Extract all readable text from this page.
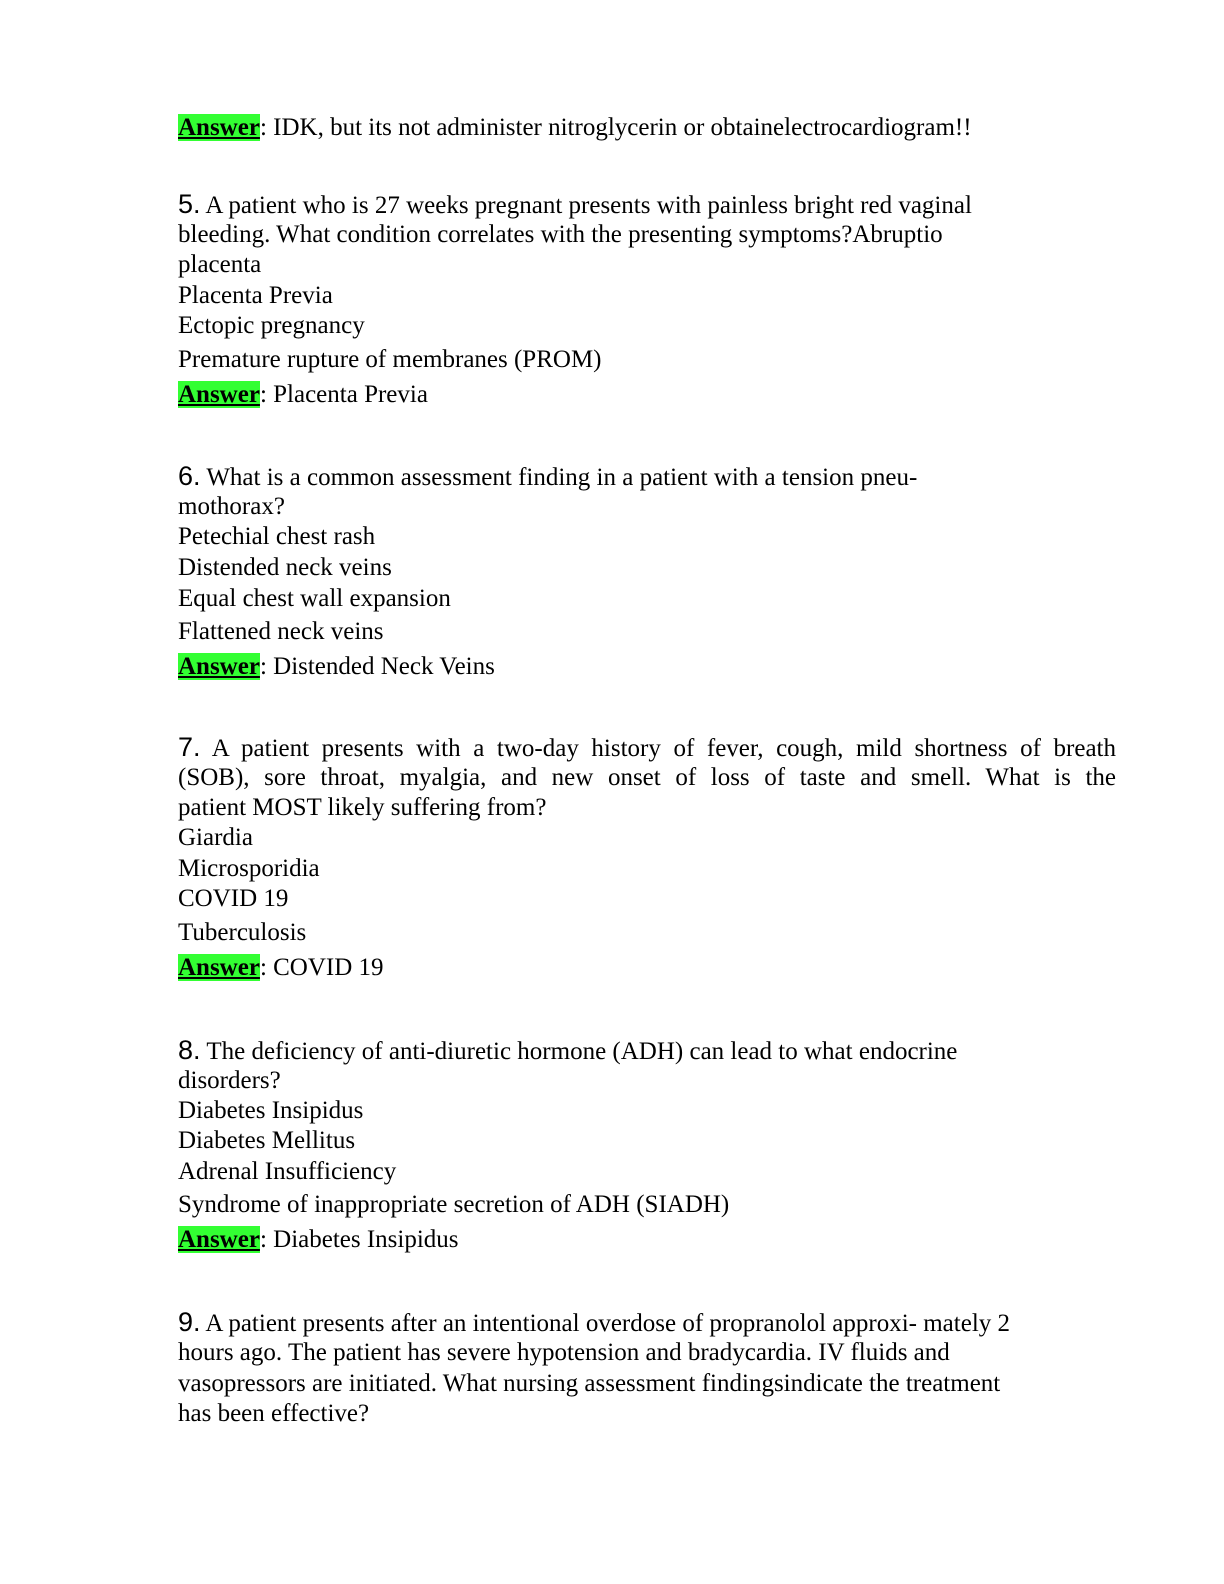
Answer: IDK, but its not administer nitroglycerin or obtainelectrocardiogram!!
5. A patient who is 27 weeks pregnant presents with painless bright red vaginal
bleeding. What condition correlates with the presenting symptoms?Abruptio
placenta
Placenta Previa
Ectopic pregnancy
Premature rupture of membranes (PROM)
Answer: Placenta Previa
6. What is a common assessment finding in a patient with a tension pneu-
mothorax?
Petechial chest rash
Distended neck veins
Equal chest wall expansion
Flattened neck veins
Answer: Distended Neck Veins
7. A patient presents with a two-day history of fever, cough, mild shortness of breath
(SOB), sore throat, myalgia, and new onset of loss of taste and smell. What is the
patient MOST likely suffering from?
Giardia
Microsporidia
COVID 19
Tuberculosis
Answer: COVID 19
8. The deficiency of anti-diuretic hormone (ADH) can lead to what endocrine
disorders?
Diabetes Insipidus
Diabetes Mellitus
Adrenal Insufficiency
Syndrome of inappropriate secretion of ADH (SIADH)
Answer: Diabetes Insipidus
9. A patient presents after an intentional overdose of propranolol approxi- mately 2
hours ago. The patient has severe hypotension and bradycardia. IV fluids and
vasopressors are initiated. What nursing assessment findingsindicate the treatment
has been effective?
